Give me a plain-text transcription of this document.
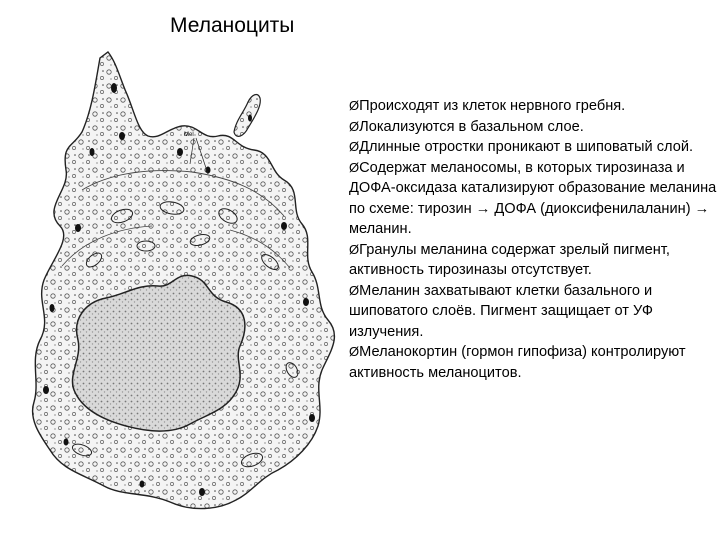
Меланоциты
Mel
ØПроисходят из клеток нервного гребня.
ØЛокализуются в базальном слое.
ØДлинные отростки проникают в шиповатый слой.
ØСодержат меланосомы, в которых тирозиназа и ДОФА-оксидаза катализируют образование меланина по схеме: тирозин → ДОФА (диоксифенилаланин) → меланин.
ØГранулы меланина содержат зрелый пигмент, активность тирозиназы отсутствует.
ØМеланин захватывают клетки базального и шиповатого слоёв. Пигмент защищает от УФ излучения.
ØМеланокортин (гормон гипофиза) контролируют активность меланоцитов.
